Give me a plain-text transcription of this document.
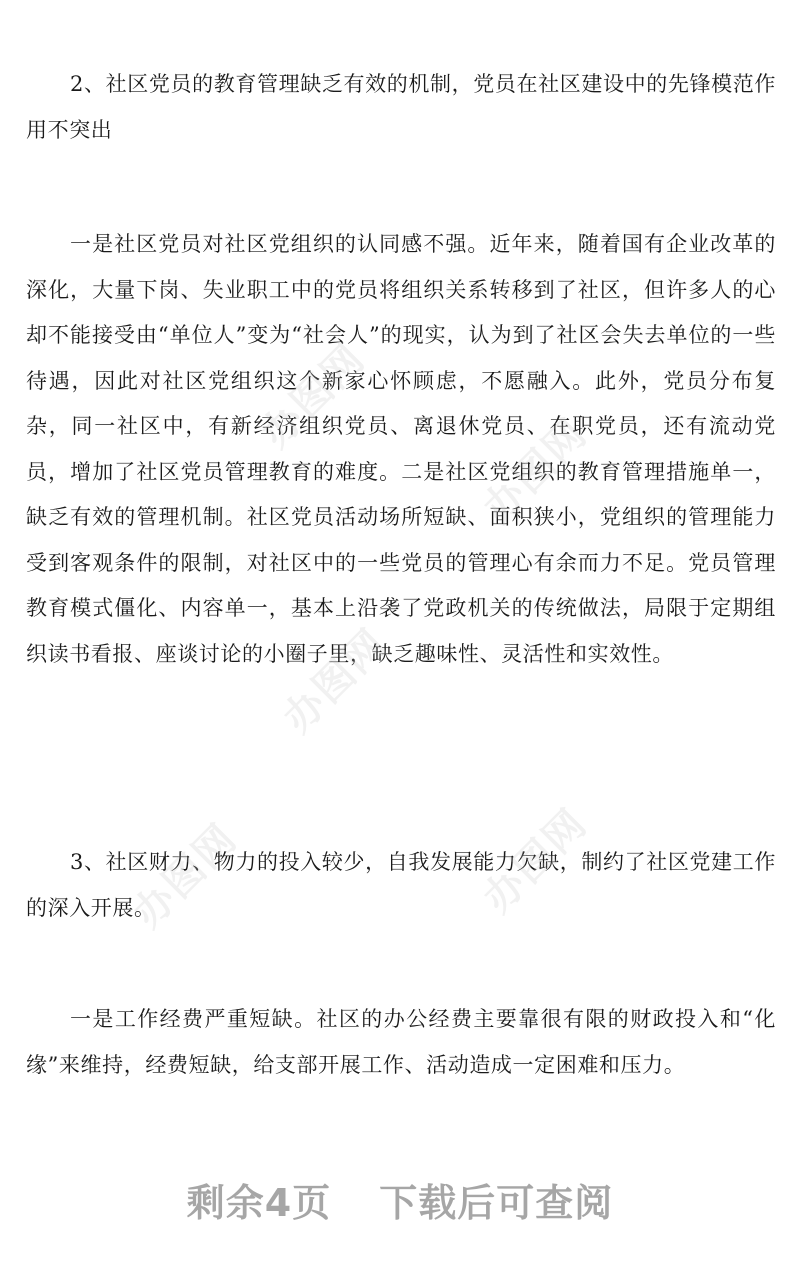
2、社区党员的教育管理缺乏有效的机制，党员在社区建设中的先锋模范作用不突出

一是社区党员对社区党组织的认同感不强。近年来，随着国有企业改革的深化，大量下岗、失业职工中的党员将组织关系转移到了社区，但许多人的心却不能接受由“单位人”变为“社会人”的现实，认为到了社区会失去单位的一些待遇，因此对社区党组织这个新家心怀顾虑，不愿融入。此外，党员分布复杂，同一社区中，有新经济组织党员、离退休党员、在职党员，还有流动党员，增加了社区党员管理教育的难度。二是社区党组织的教育管理措施单一，缺乏有效的管理机制。社区党员活动场所短缺、面积狭小，党组织的管理能力受到客观条件的限制，对社区中的一些党员的管理心有余而力不足。党员管理教育模式僵化、内容单一，基本上沿袭了党政机关的传统做法，局限于定期组织读书看报、座谈讨论的小圈子里，缺乏趣味性、灵活性和实效性。

3、社区财力、物力的投入较少，自我发展能力欠缺，制约了社区党建工作的深入开展。

一是工作经费严重短缺。社区的办公经费主要靠很有限的财政投入和“化缘”来维持，经费短缺，给支部开展工作、活动造成一定困难和压力。

办图网
办图网
办图网	办图网
办图网
剩余4页 下载后可查阅
